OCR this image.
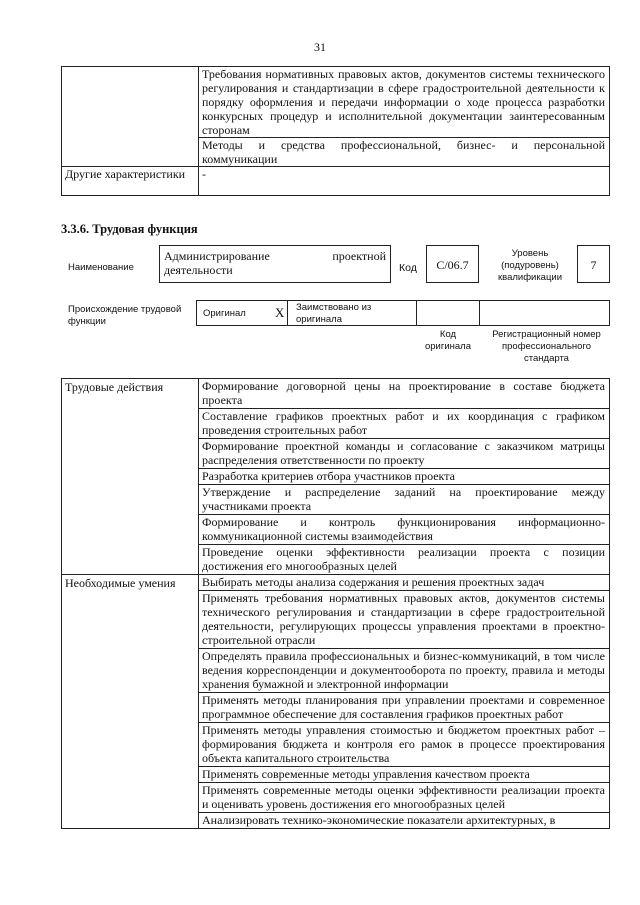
31
	Требования нормативных правовых актов, документов системы технического регулирования и стандартизации в сфере градостроительной деятельности к порядку оформления и передачи информации о ходе процесса разработки конкурсных процедур и исполнительной документации заинтересованным сторонам
	Методы и средства профессиональной, бизнес- и персональной коммуникации
Другие характеристики	-
3.3.6. Трудовая функция
Наименование
Администрирование проектной деятельности	Код	C/06.7
Уровень (подуровень) квалификации
7
Происхождение трудовой функции
Оригинал X Заимствовано из оригинала
Код оригинала
Регистрационный номер профессионального стандарта
Трудовые действия	Формирование договорной цены на проектирование в составе бюджета проекта
	Составление графиков проектных работ и их координация с графиком проведения строительных работ
	Формирование проектной команды и согласование с заказчиком матрицы распределения ответственности по проекту
	Разработка критериев отбора участников проекта
	Утверждение и распределение заданий на проектирование между участниками проекта
	Формирование и контроль функционирования информационно-коммуникационной системы взаимодействия
	Проведение оценки эффективности реализации проекта с позиции достижения его многообразных целей
Необходимые умения	Выбирать методы анализа содержания и решения проектных задач
	Применять требования нормативных правовых актов, документов системы технического регулирования и стандартизации в сфере градостроительной деятельности, регулирующих процессы управления проектами в проектно-строительной отрасли
	Определять правила профессиональных и бизнес-коммуникаций, в том числе ведения корреспонденции и документооборота по проекту, правила и методы хранения бумажной и электронной информации
	Применять методы планирования при управлении проектами и современное программное обеспечение для составления графиков проектных работ
	Применять методы управления стоимостью и бюджетом проектных работ – формирования бюджета и контроля его рамок в процессе проектирования объекта капитального строительства
	Применять современные методы управления качеством проекта
	Применять современные методы оценки эффективности реализации проекта и оценивать уровень достижения его многообразных целей
	Анализировать технико-экономические показатели архитектурных, в
